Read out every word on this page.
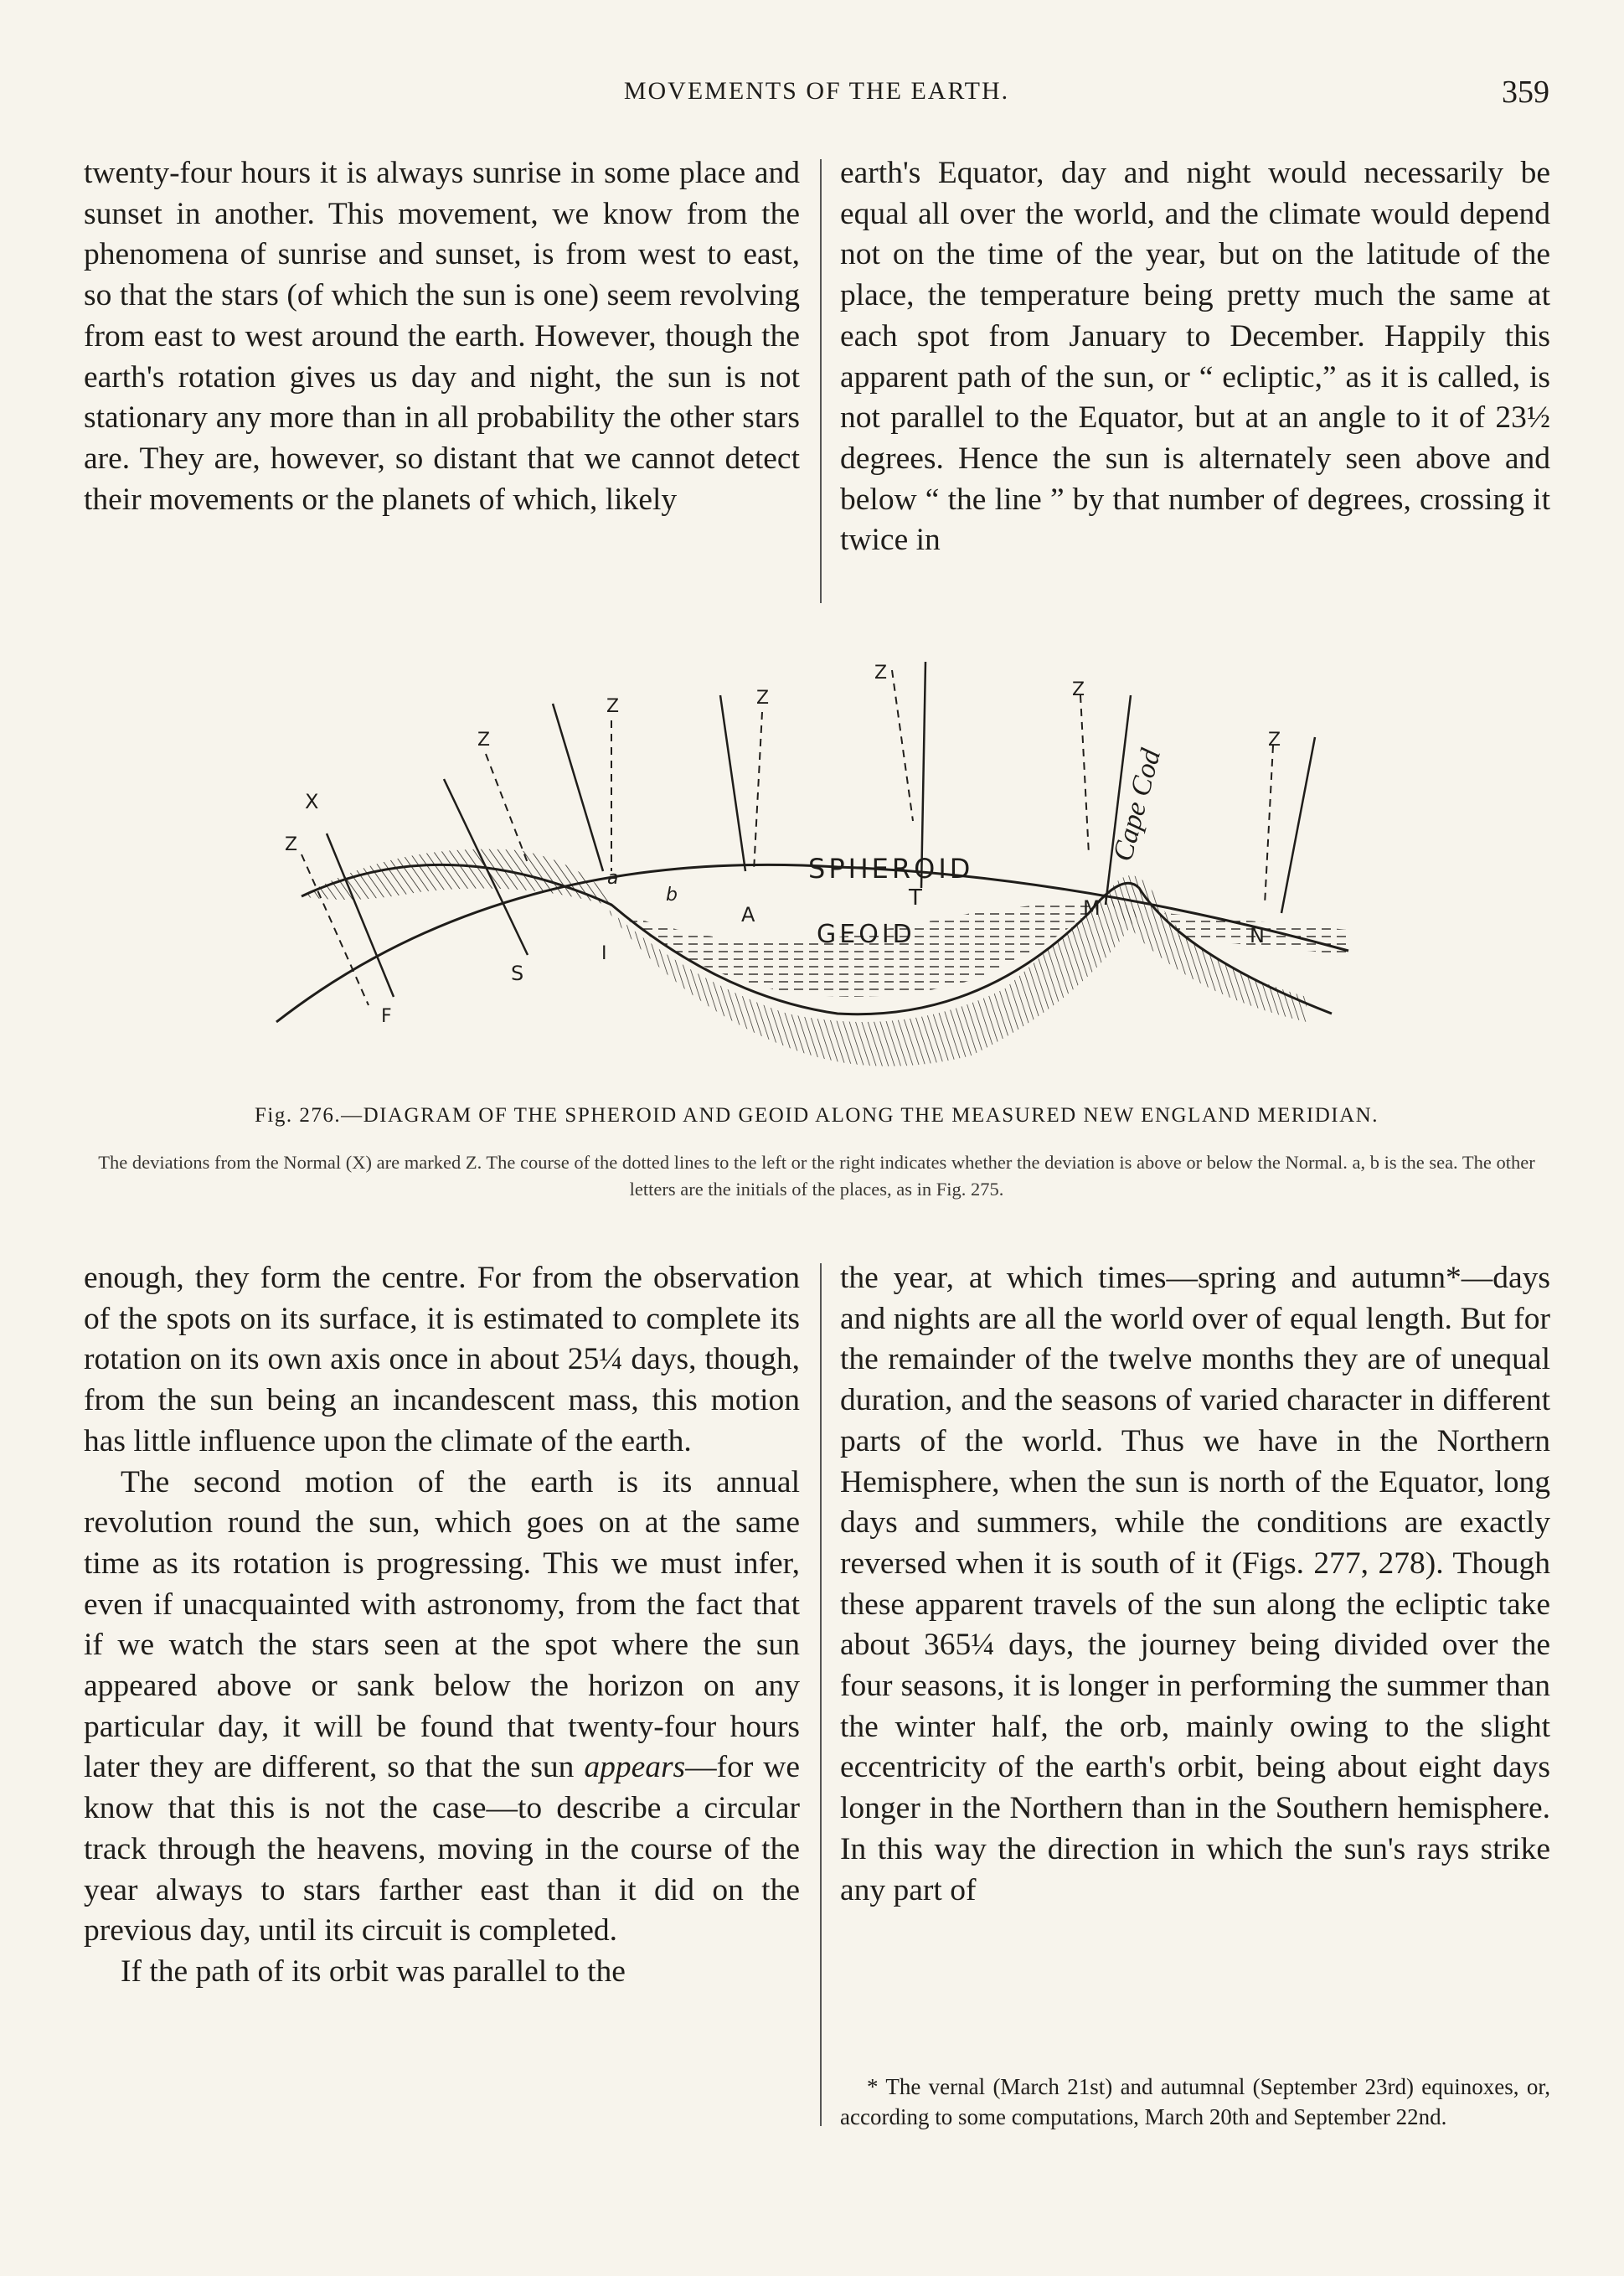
MOVEMENTS OF THE EARTH.	359

twenty-four hours it is always sunrise in some place and sunset in another. This movement, we know from the phenomena of sunrise and sunset, is from west to east, so that the stars (of which the sun is one) seem revolving from east to west around the earth. However, though the earth's rotation gives us day and night, the sun is not stationary any more than in all probability the other stars are. They are, however, so distant that we cannot detect their movements or the planets of which, likely

earth's Equator, day and night would necessarily be equal all over the world, and the climate would depend not on the time of the year, but on the latitude of the place, the temperature being pretty much the same at each spot from January to December. Happily this apparent path of the sun, or “ ecliptic,” as it is called, is not parallel to the Equator, but at an angle to it of 23½ degrees. Hence the sun is alternately seen above and below “ the line ” by that number of degrees, crossing it twice in

X
Z
Z
Z	Z
Z
Z
Z
SPHEROID
GEOID
Cape Cod
a
b
A
T	M
N
S
F
I
Fig. 276.—DIAGRAM OF THE SPHEROID AND GEOID ALONG THE MEASURED NEW ENGLAND MERIDIAN.
The deviations from the Normal (X) are marked Z. The course of the dotted lines to the left or the right indicates whether the deviation is above or below the Normal. a, b is the sea. The other letters are the initials of the places, as in Fig. 275.

enough, they form the centre. For from the observation of the spots on its surface, it is estimated to complete its rotation on its own axis once in about 25¼ days, though, from the sun being an incandescent mass, this motion has little influence upon the climate of the earth.

The second motion of the earth is its annual revolution round the sun, which goes on at the same time as its rotation is progressing. This we must infer, even if unacquainted with astronomy, from the fact that if we watch the stars seen at the spot where the sun appeared above or sank below the horizon on any particular day, it will be found that twenty-four hours later they are different, so that the sun appears—for we know that this is not the case—to describe a circular track through the heavens, moving in the course of the year always to stars farther east than it did on the previous day, until its circuit is completed.

If the path of its orbit was parallel to the

the year, at which times—spring and autumn*—days and nights are all the world over of equal length. But for the remainder of the twelve months they are of unequal duration, and the seasons of varied character in different parts of the world. Thus we have in the Northern Hemisphere, when the sun is north of the Equator, long days and summers, while the conditions are exactly reversed when it is south of it (Figs. 277, 278). Though these apparent travels of the sun along the ecliptic take about 365¼ days, the journey being divided over the four seasons, it is longer in performing the summer than the winter half, the orb, mainly owing to the slight eccentricity of the earth's orbit, being about eight days longer in the Northern than in the Southern hemisphere. In this way the direction in which the sun's rays strike any part of

* The vernal (March 21st) and autumnal (September 23rd) equinoxes, or, according to some computations, March 20th and September 22nd.
